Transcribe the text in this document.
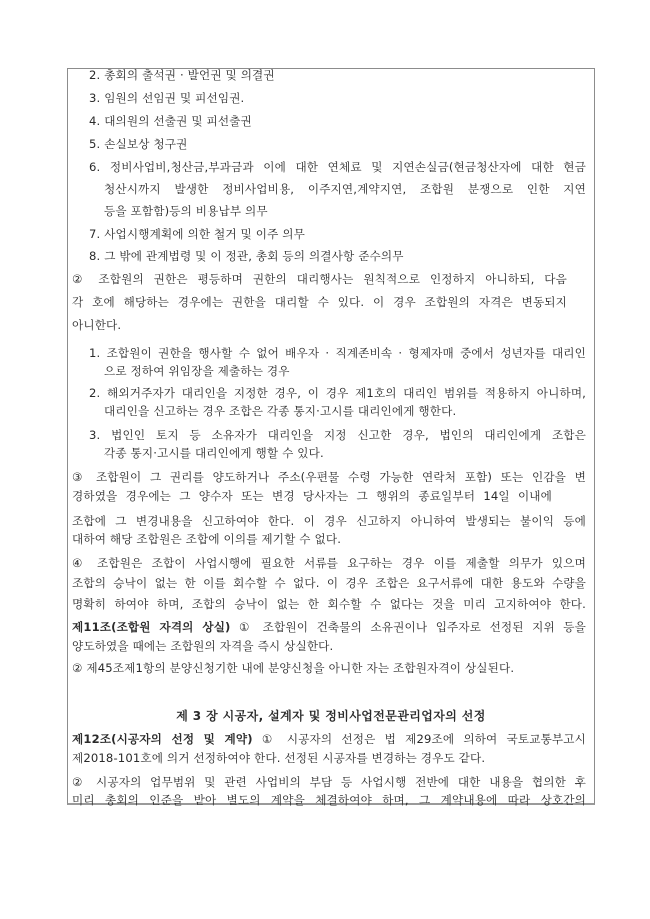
2. 총회의 출석권 · 발언권 및 의결권
3. 임원의 선임권 및 피선임권.
4. 대의원의 선출권 및 피선출권
5. 손실보상 청구권
6. 정비사업비,청산금,부과금과 이에 대한 연체료 및 지연손실금(현금청산자에 대한 현금
청산시까지 발생한 정비사업비용, 이주지연,계약지연, 조합원 분쟁으로 인한 지연
등을 포함함)등의 비용납부 의무
7. 사업시행계획에 의한 철거 및 이주 의무
8. 그 밖에 관계법령 및 이 정관, 총회 등의 의결사항 준수의무
② 조합원의 권한은 평등하며 권한의 대리행사는 원칙적으로 인정하지 아니하되, 다음
각 호에 해당하는 경우에는 권한을 대리할 수 있다. 이 경우 조합원의 자격은 변동되지
아니한다.
1. 조합원이 권한을 행사할 수 없어 배우자 · 직계존비속 · 형제자매 중에서 성년자를 대리인
으로 정하여 위임장을 제출하는 경우
2. 해외거주자가 대리인을 지정한 경우, 이 경우 제1호의 대리인 범위를 적용하지 아니하며,
대리인을 신고하는 경우 조합은 각종 통지·고시를 대리인에게 행한다.
3. 법인인 토지 등 소유자가 대리인을 지정 신고한 경우, 법인의 대리인에게 조합은
각종 통지·고시를 대리인에게 행할 수 있다.
③ 조합원이 그 권리를 양도하거나 주소(우편물 수령 가능한 연락처 포함) 또는 인감을 변
경하였을 경우에는 그 양수자 또는 변경 당사자는 그 행위의 종료일부터 14일 이내에
조합에 그 변경내용을 신고하여야 한다. 이 경우 신고하지 아니하여 발생되는 불이익 등에
대하여 해당 조합원은 조합에 이의를 제기할 수 없다.
④ 조합원은 조합이 사업시행에 필요한 서류를 요구하는 경우 이를 제출할 의무가 있으며
조합의 승낙이 없는 한 이를 회수할 수 없다. 이 경우 조합은 요구서류에 대한 용도와 수량을
명확히 하여야 하며, 조합의 승낙이 없는 한 회수할 수 없다는 것을 미리 고지하여야 한다.
제11조(조합원 자격의 상실) ① 조합원이 건축물의 소유권이나 입주자로 선정된 지위 등을
양도하였을 때에는 조합원의 자격을 즉시 상실한다.
② 제45조제1항의 분양신청기한 내에 분양신청을 아니한 자는 조합원자격이 상실된다.
제 3 장 시공자, 설계자 및 정비사업전문관리업자의 선정
제12조(시공자의 선정 및 계약) ① 시공자의 선정은 법 제29조에 의하여 국토교통부고시
제2018-101호에 의거 선정하여야 한다. 선정된 시공자를 변경하는 경우도 같다.
② 시공자의 업무범위 및 관련 사업비의 부담 등 사업시행 전반에 대한 내용을 협의한 후
미리 총회의 인준을 받아 별도의 계약을 체결하여야 하며, 그 계약내용에 따라 상호간의
